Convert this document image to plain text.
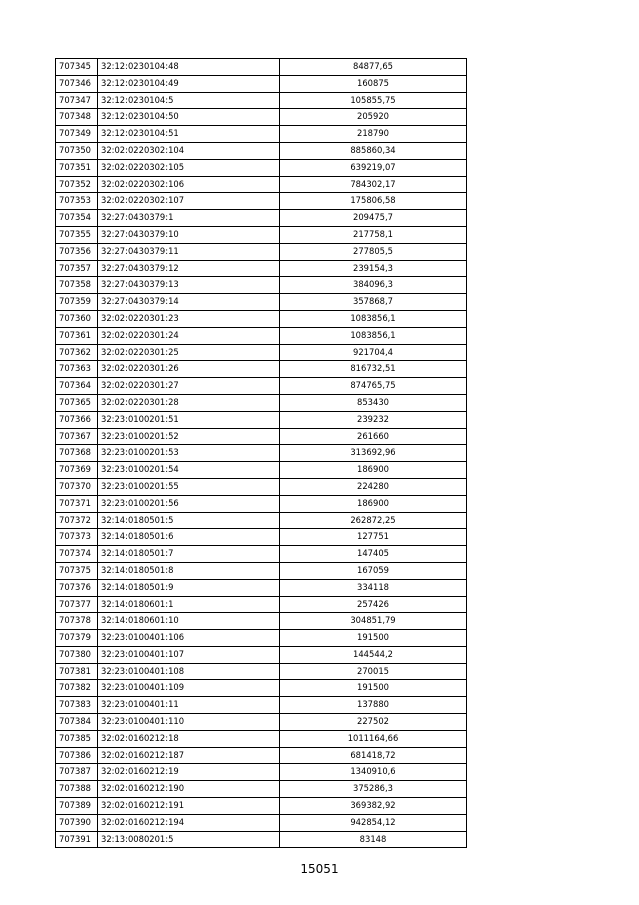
707345	32:12:0230104:48	84877,65
707346	32:12:0230104:49	160875
707347	32:12:0230104:5	105855,75
707348	32:12:0230104:50	205920
707349	32:12:0230104:51	218790
707350	32:02:0220302:104	885860,34
707351	32:02:0220302:105	639219,07
707352	32:02:0220302:106	784302,17
707353	32:02:0220302:107	175806,58
707354	32:27:0430379:1	209475,7
707355	32:27:0430379:10	217758,1
707356	32:27:0430379:11	277805,5
707357	32:27:0430379:12	239154,3
707358	32:27:0430379:13	384096,3
707359	32:27:0430379:14	357868,7
707360	32:02:0220301:23	1083856,1
707361	32:02:0220301:24	1083856,1
707362	32:02:0220301:25	921704,4
707363	32:02:0220301:26	816732,51
707364	32:02:0220301:27	874765,75
707365	32:02:0220301:28	853430
707366	32:23:0100201:51	239232
707367	32:23:0100201:52	261660
707368	32:23:0100201:53	313692,96
707369	32:23:0100201:54	186900
707370	32:23:0100201:55	224280
707371	32:23:0100201:56	186900
707372	32:14:0180501:5	262872,25
707373	32:14:0180501:6	127751
707374	32:14:0180501:7	147405
707375	32:14:0180501:8	167059
707376	32:14:0180501:9	334118
707377	32:14:0180601:1	257426
707378	32:14:0180601:10	304851,79
707379	32:23:0100401:106	191500
707380	32:23:0100401:107	144544,2
707381	32:23:0100401:108	270015
707382	32:23:0100401:109	191500
707383	32:23:0100401:11	137880
707384	32:23:0100401:110	227502
707385	32:02:0160212:18	1011164,66
707386	32:02:0160212:187	681418,72
707387	32:02:0160212:19	1340910,6
707388	32:02:0160212:190	375286,3
707389	32:02:0160212:191	369382,92
707390	32:02:0160212:194	942854,12
707391	32:13:0080201:5	83148
15051
